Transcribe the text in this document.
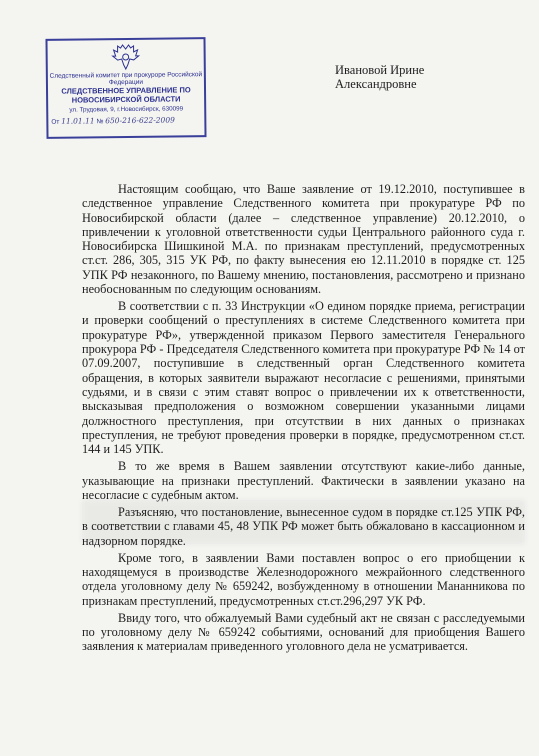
Следственный комитет при прокуроре Российской Федерации
СЛЕДСТВЕННОЕ УПРАВЛЕНИЕ ПО НОВОСИБИРСКОЙ ОБЛАСТИ
ул. Трудовая, 9, г.Новосибирск, 630099
От 11.01.11 № 650-216-622-2009
Ивановой Ирине
Александровне

Настоящим сообщаю, что Ваше заявление от 19.12.2010, поступившее в следственное управление Следственного комитета при прокуратуре РФ по Новосибирской области (далее – следственное управление) 20.12.2010, о привлечении к уголовной ответственности судьи Центрального районного суда г. Новосибирска Шишкиной М.А. по признакам преступлений, предусмотренных ст.ст. 286, 305, 315 УК РФ, по факту вынесения ею 12.11.2010 в порядке ст. 125 УПК РФ незаконного, по Вашему мнению, постановления, рассмотрено и признано необоснованным по следующим основаниям.

В соответствии с п. 33 Инструкции «О едином порядке приема, регистрации и проверки сообщений о преступлениях в системе Следственного комитета при прокуратуре РФ», утвержденной приказом Первого заместителя Генерального прокурора РФ - Председателя Следственного комитета при прокуратуре РФ № 14 от 07.09.2007, поступившие в следственный орган Следственного комитета обращения, в которых заявители выражают несогласие с решениями, принятыми судьями, и в связи с этим ставят вопрос о привлечении их к ответственности, высказывая предположения о возможном совершении указанными лицами должностного преступления, при отсутствии в них данных о признаках преступления, не требуют проведения проверки в порядке, предусмотренном ст.ст. 144 и 145 УПК.

В то же время в Вашем заявлении отсутствуют какие-либо данные, указывающие на признаки преступлений. Фактически в заявлении указано на несогласие с судебным актом.

Разъясняю, что постановление, вынесенное судом в порядке ст.125 УПК РФ, в соответствии с главами 45, 48 УПК РФ может быть обжаловано в кассационном и надзорном порядке.

Кроме того, в заявлении Вами поставлен вопрос о его приобщении к находящемуся в производстве Железнодорожного межрайонного следственного отдела уголовному делу № 659242, возбужденному в отношении Мананникова по признакам преступлений, предусмотренных ст.ст.296,297 УК РФ.

Ввиду того, что обжалуемый Вами судебный акт не связан с расследуемыми по уголовному делу № 659242 событиями, оснований для приобщения Вашего заявления к материалам приведенного уголовного дела не усматривается.
